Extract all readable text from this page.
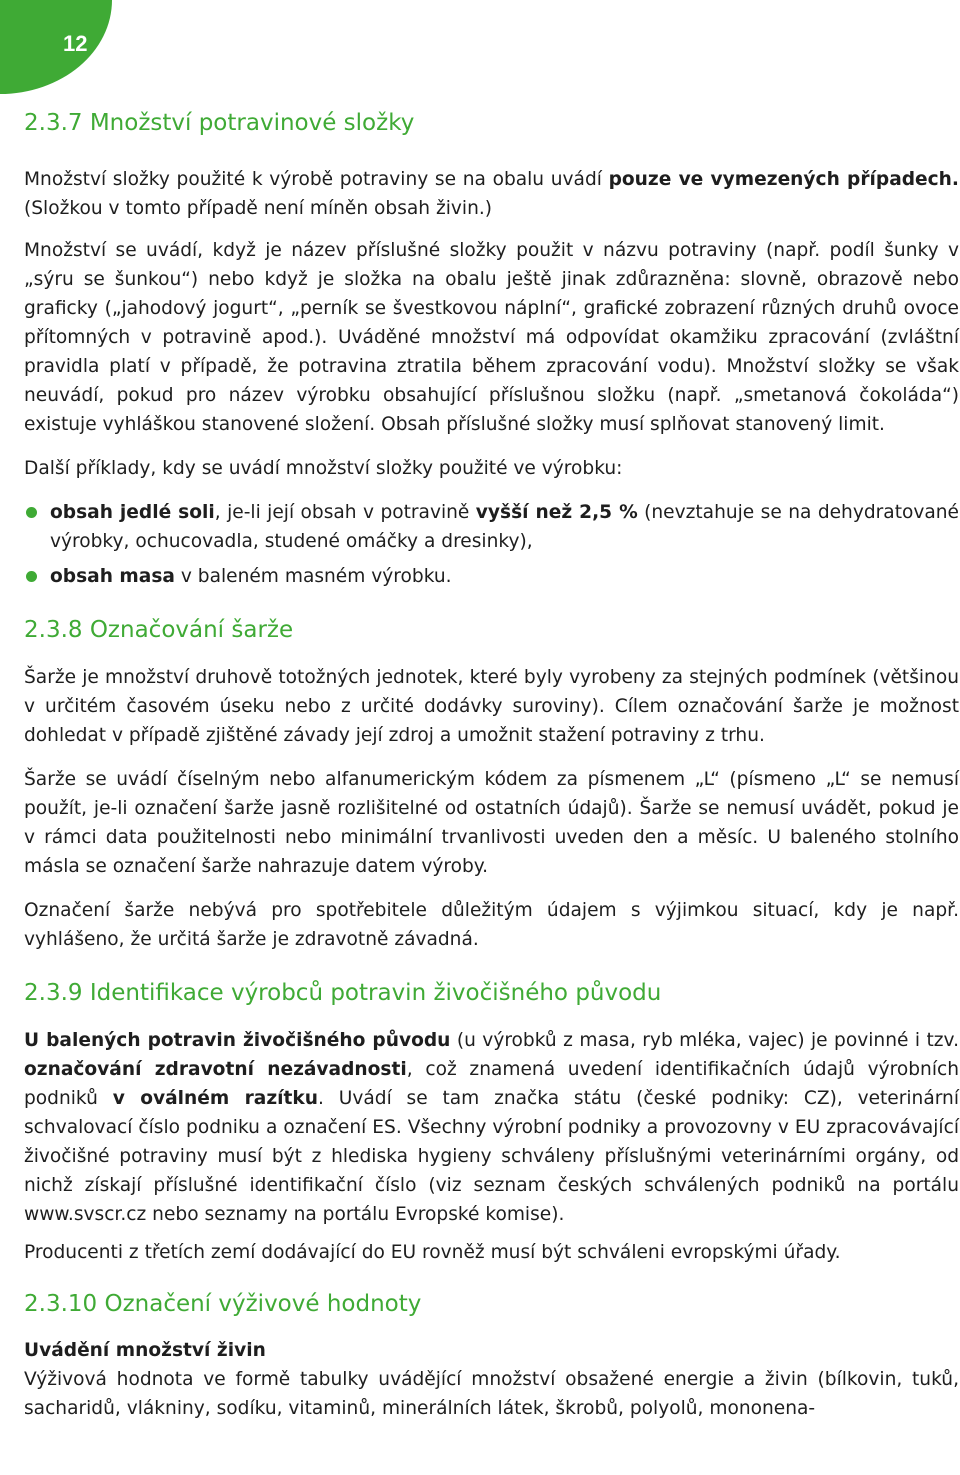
12
2.3.7 Množství potravinové složky

Množství složky použité k výrobě potraviny se na obalu uvádí pouze ve vymezených případech. (Složkou v tomto případě není míněn obsah živin.)

Množství se uvádí, když je název příslušné složky použit v názvu potraviny (např. podíl šunky v „sýru se šunkou“) nebo když je složka na obalu ještě jinak zdůrazněna: slovně, obrazově nebo graficky („jahodový jogurt“, „perník se švestkovou náplní“, grafické zobrazení různých druhů ovoce přítomných v potravině apod.). Uváděné množství má odpovídat okamžiku zpracování (zvláštní pravidla platí v případě, že potravina ztratila během zpracování vodu). Množství složky se však neuvádí, pokud pro název výrobku obsahující příslušnou složku (např. „smetanová čokoláda“) existuje vyhláškou stanovené složení. Obsah příslušné složky musí splňovat stanovený limit.

Další příklady, kdy se uvádí množství složky použité ve výrobku:

obsah jedlé soli, je-li její obsah v potravině vyšší než 2,5 % (nevztahuje se na dehydratované výrobky, ochucovadla, studené omáčky a dresinky),
obsah masa v baleném masném výrobku.
2.3.8 Označování šarže

Šarže je množství druhově totožných jednotek, které byly vyrobeny za stejných podmínek (většinou v určitém časovém úseku nebo z určité dodávky suroviny). Cílem označování šarže je možnost dohledat v případě zjištěné závady její zdroj a umožnit stažení potraviny z trhu.

Šarže se uvádí číselným nebo alfanumerickým kódem za písmenem „L“ (písmeno „L“ se nemusí použít, je-li označení šarže jasně rozlišitelné od ostatních údajů). Šarže se nemusí uvádět, pokud je v rámci data použitelnosti nebo minimální trvanlivosti uveden den a měsíc. U baleného stolního másla se označení šarže nahrazuje datem výroby.

Označení šarže nebývá pro spotřebitele důležitým údajem s výjimkou situací, kdy je např. vyhlášeno, že určitá šarže je zdravotně závadná.

2.3.9 Identifikace výrobců potravin živočišného původu

U balených potravin živočišného původu (u výrobků z masa, ryb mléka, vajec) je povinné i tzv. označování zdravotní nezávadnosti, což znamená uvedení identifikačních údajů výrobních podniků v oválném razítku. Uvádí se tam značka státu (české podniky: CZ), veterinární schvalovací číslo podniku a označení ES. Všechny výrobní podniky a provozovny v EU zpracovávající živočišné potraviny musí být z hlediska hygieny schváleny příslušnými veterinárními orgány, od nichž získají příslušné identifikační číslo (viz seznam českých schválených podniků na portálu www.svscr.cz nebo seznamy na portálu Evropské komise).

Producenti z třetích zemí dodávající do EU rovněž musí být schváleni evropskými úřady.

2.3.10 Označení výživové hodnoty

Uvádění množství živin

Výživová hodnota ve formě tabulky uvádějící množství obsažené energie a živin (bílkovin, tuků, sacharidů, vlákniny, sodíku, vitaminů, minerálních látek, škrobů, polyolů, mononena-
